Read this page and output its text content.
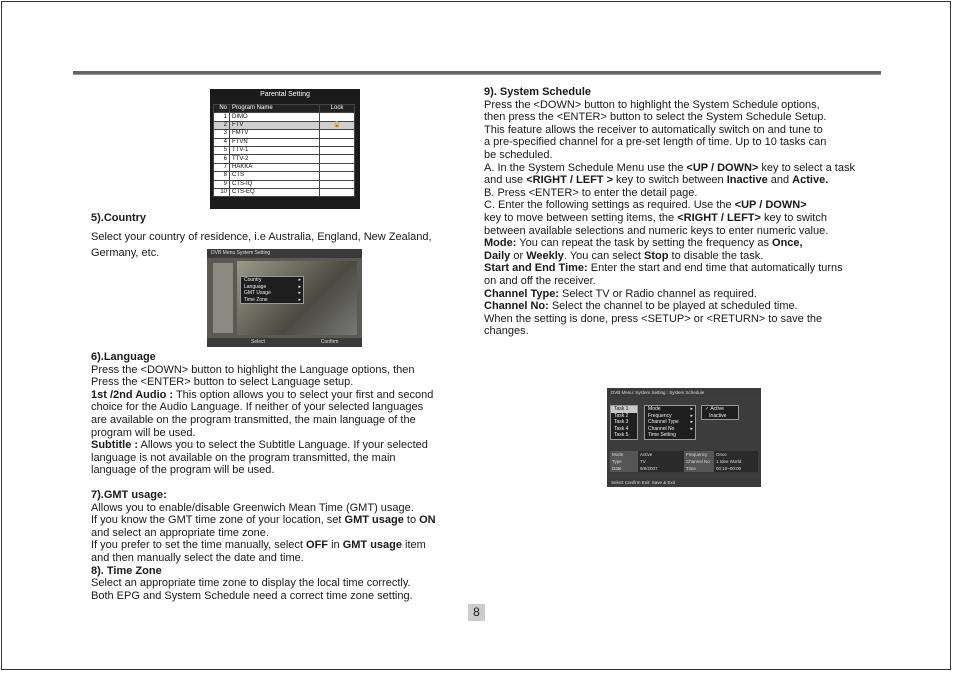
Parental Setting
No	Program Name	Lock
1	DIMO	
2	FTV	🔒
3	FMTV	
4	FTVN	
5	TTV-1	
6	TTV-2	
7	HAKKA	
8	CTS	
9	CTS-IQ	
10	CTS-EQ	
DVB Menu System Setting
Country	▸
Language	▸
GMT Usage	▸
Time Zone	▸
Select	Confirm
DVB Menu: System Setting : System Schedule
Task 1
Task 2
Task 3
Task 4
Task 5
Mode	▸
Frequency	▸
Channel Type ▸
Channel No	▸
Time Setting
✓ Active
Inactive
Mode	Active	Frequency	Once
Type	TV	Channel No	1 Idee World
Date	9/6/2007	Time	00:10~00:00
Select Confirm Exit: Save & Exit

5).Country

Select your country of residence, i.e Australia, England, New Zealand,

Germany, etc.

6).Language

Press the <DOWN> button to highlight the Language options, then

Press the <ENTER> button to select Language setup.

1st /2nd Audio : This option allows you to select your first and second

choice for the Audio Language. If neither of your selected languages

are available on the program transmitted, the main language of the

program will be used.

Subtitle : Allows you to select the Subtitle Language. If your selected

language is not available on the program transmitted, the main

language of the program will be used.

7).GMT usage:

Allows you to enable/disable Greenwich Mean Time (GMT) usage.

If you know the GMT time zone of your location, set GMT usage to ON

and select an appropriate time zone.

If you prefer to set the time manually, select OFF in GMT usage item

and then manually select the date and time.

8). Time Zone

Select an appropriate time zone to display the local time correctly.

Both EPG and System Schedule need a correct time zone setting.

9). System Schedule

Press the <DOWN> button to highlight the System Schedule options,

then press the <ENTER> button to select the System Schedule Setup.

This feature allows the receiver to automatically switch on and tune to

a pre-specified channel for a pre-set length of time. Up to 10 tasks can

be scheduled.

A. In the System Schedule Menu use the <UP / DOWN> key to select a task

and use <RIGHT / LEFT > key to switch between Inactive and Active.

B. Press <ENTER> to enter the detail page.

C. Enter the following settings as required. Use the <UP / DOWN>

key to move between setting items, the <RIGHT / LEFT> key to switch

between available selections and numeric keys to enter numeric value.

Mode: You can repeat the task by setting the frequency as Once,

Daily or Weekly. You can select Stop to disable the task.

Start and End Time: Enter the start and end time that automatically turns

on and off the receiver.

Channel Type: Select TV or Radio channel as required.

Channel No: Select the channel to be played at scheduled time.

When the setting is done, press <SETUP> or <RETURN> to save the

changes.

8
